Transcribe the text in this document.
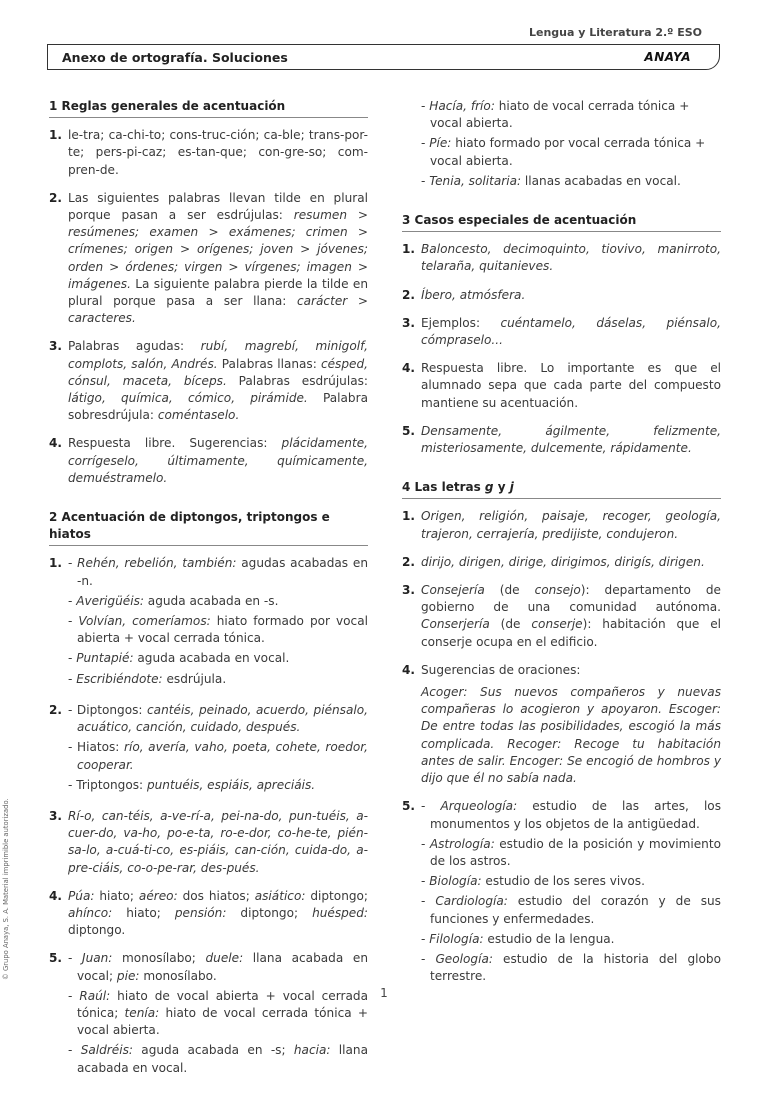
Lengua y Literatura 2.º ESO
Anexo de ortografía. Soluciones	ANAYA
1 Reglas generales de acentuación
1. le-tra; ca-chi-to; cons-truc-ción; ca-ble; trans-por-te; pers-pi-caz; es-tan-que; con-gre-so; com-pren-de.
2. Las siguientes palabras llevan tilde en plural porque pasan a ser esdrújulas: resumen > resúmenes; examen > exámenes; crimen > crímenes; origen > orígenes; joven > jóvenes; orden > órdenes; virgen > vírgenes; imagen > imágenes. La siguiente palabra pierde la tilde en plural porque pasa a ser llana: carácter > caracteres.
3. Palabras agudas: rubí, magrebí, minigolf, complots, salón, Andrés. Palabras llanas: césped, cónsul, maceta, bíceps. Palabras esdrújulas: látigo, química, cómico, pirámide. Palabra sobresdrújula: coméntaselo.
4. Respuesta libre. Sugerencias: plácidamente, corrígeselo, últimamente, químicamente, demuéstramelo.
2 Acentuación de diptongos, triptongos e hiatos
1. - Rehén, rebelión, también: agudas acabadas en -n.
- Averigüéis: aguda acabada en -s.
- Volvían, comeríamos: hiato formado por vocal abierta + vocal cerrada tónica.
- Puntapié: aguda acabada en vocal.
- Escribiéndote: esdrújula.
2. - Diptongos: cantéis, peinado, acuerdo, piénsalo, acuático, canción, cuidado, después.
- Hiatos: río, avería, vaho, poeta, cohete, roedor, cooperar.
- Triptongos: puntuéis, espiáis, apreciáis.
3. Rí-o, can-téis, a-ve-rí-a, pei-na-do, pun-tuéis, a-cuer-do, va-ho, po-e-ta, ro-e-dor, co-he-te, pién-sa-lo, a-cuá-ti-co, es-piáis, can-ción, cuida-do, a-pre-ciáis, co-o-pe-rar, des-pués.
4. Púa: hiato; aéreo: dos hiatos; asiático: diptongo; ahínco: hiato; pensión: diptongo; huésped: diptongo.
5. - Juan: monosílabo; duele: llana acabada en vocal; pie: monosílabo.
- Raúl: hiato de vocal abierta + vocal cerrada tónica; tenía: hiato de vocal cerrada tónica + vocal abierta.
- Saldréis: aguda acabada en -s; hacia: llana acabada en vocal.
- Hacía, frío: hiato de vocal cerrada tónica + vocal abierta.
- Píe: hiato formado por vocal cerrada tónica + vocal abierta.
- Tenia, solitaria: llanas acabadas en vocal.
3 Casos especiales de acentuación
1. Baloncesto, decimoquinto, tiovivo, manirroto, telaraña, quitanieves.
2. Íbero, atmósfera.
3. Ejemplos: cuéntamelo, dáselas, piénsalo, cómpraselo...
4. Respuesta libre. Lo importante es que el alumnado sepa que cada parte del compuesto mantiene su acentuación.
5. Densamente, ágilmente, felizmente, misteriosamente, dulcemente, rápidamente.
4 Las letras g y j
1. Origen, religión, paisaje, recoger, geología, trajeron, cerrajería, predijiste, condujeron.
2. dirijo, dirigen, dirige, dirigimos, dirigís, dirigen.
3. Consejería (de consejo): departamento de gobierno de una comunidad autónoma. Conserjería (de conserje): habitación que el conserje ocupa en el edificio.
4. Sugerencias de oraciones:
Acoger: Sus nuevos compañeros y nuevas compañeras lo acogieron y apoyaron. Escoger: De entre todas las posibilidades, escogió la más complicada. Recoger: Recoge tu habitación antes de salir. Encoger: Se encogió de hombros y dijo que él no sabía nada.
5. - Arqueología: estudio de las artes, los monumentos y los objetos de la antigüedad.
- Astrología: estudio de la posición y movimiento de los astros.
- Biología: estudio de los seres vivos.
- Cardiología: estudio del corazón y de sus funciones y enfermedades.
- Filología: estudio de la lengua.
- Geología: estudio de la historia del globo terrestre.
© Grupo Anaya, S. A. Material imprimible autorizado.
1
